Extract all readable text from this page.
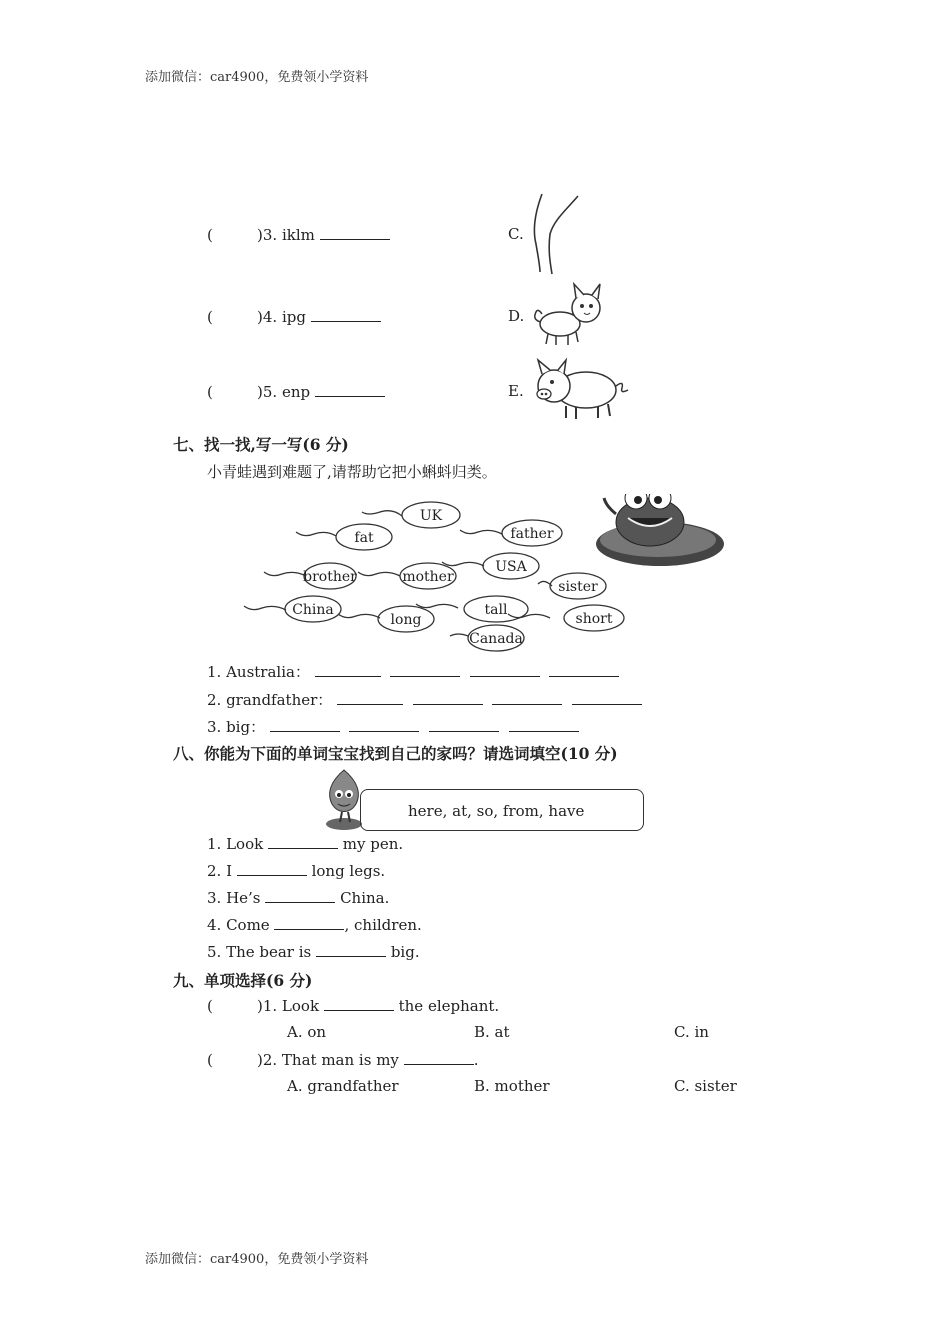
添加微信：car4900，免费领小学资料
(	)3. iklm	C.
(	)4. ipg	D.
(	)5. enp	E.
七、找一找,写一写(6 分)
小青蛙遇到难题了,请帮助它把小蝌蚪归类。
UK
fat	father
brother	mother
USA
sister
China
long
tall
short
Canada
1. Australia：
2. grandfather：
3. big：
八、你能为下面的单词宝宝找到自己的家吗？请选词填空(10 分)
here, at, so, from, have
1. Look	my pen.
2. I	long legs.
3. He’s	China.
4. Come	, children.
5. The bear is	big.
九、单项选择(6 分)
(	)1. Look	the elephant.
A. on	B. at	C. in
(	)2. That man is my	.
A. grandfather	B. mother	C. sister
添加微信：car4900，免费领小学资料
